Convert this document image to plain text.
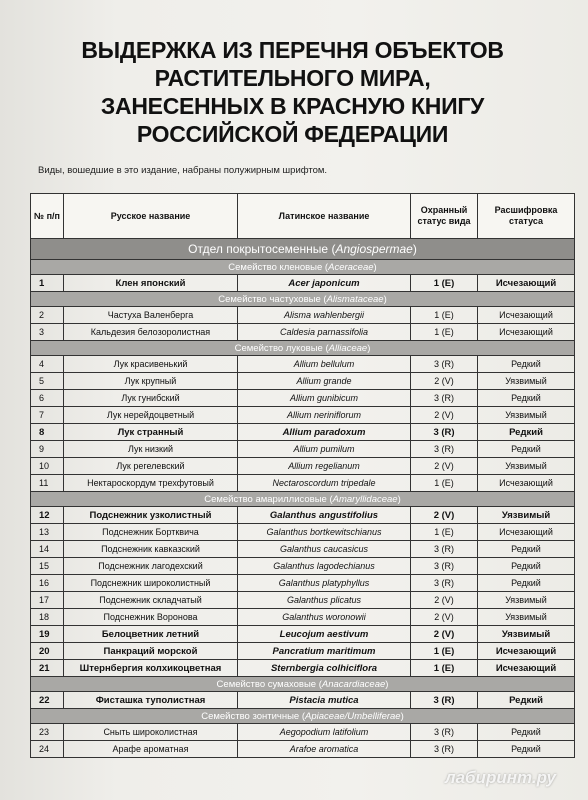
ВЫДЕРЖКА ИЗ ПЕРЕЧНЯ ОБЪЕКТОВ
РАСТИТЕЛЬНОГО МИРА,
ЗАНЕСЕННЫХ В КРАСНУЮ КНИГУ
РОССИЙСКОЙ ФЕДЕРАЦИИ
Виды, вошедшие в это издание, набраны полужирным шрифтом.
№ п/п	Русское название	Латинское название	Охранный статус вида	Расшифровка статуса
Отдел покрытосеменные (Angiospermae)				
Семейство кленовые (Aceraceae)				
1	Клен японский	Acer japonicum	1 (E)	Исчезающий
Семейство частуховые (Alismataceae)				
2	Частуха Валенберга	Alisma wahlenbergii	1 (E)	Исчезающий
3	Кальдезия белозоролистная	Caldesia parnassifolia	1 (E)	Исчезающий
Семейство луковые (Alliaceae)				
4	Лук красивенький	Allium bellulum	3 (R)	Редкий
5	Лук крупный	Allium grande	2 (V)	Уязвимый
6	Лук гунибский	Allium gunibicum	3 (R)	Редкий
7	Лук нерейдоцветный	Allium neriniflorum	2 (V)	Уязвимый
8	Лук странный	Allium paradoxum	3 (R)	Редкий
9	Лук низкий	Allium pumilum	3 (R)	Редкий
10	Лук регелевский	Allium regelianum	2 (V)	Уязвимый
11	Нектароскордум трехфутовый	Nectaroscordum tripedale	1 (E)	Исчезающий
Семейство амариллисовые (Amaryllidaceae)				
12	Подснежник узколистный	Galanthus angustifolius	2 (V)	Уязвимый
13	Подснежник Бортквича	Galanthus bortkewitschianus	1 (E)	Исчезающий
14	Подснежник кавказский	Galanthus caucasicus	3 (R)	Редкий
15	Подснежник лагодехский	Galanthus lagodechianus	3 (R)	Редкий
16	Подснежник широколистный	Galanthus platyphyllus	3 (R)	Редкий
17	Подснежник складчатый	Galanthus plicatus	2 (V)	Уязвимый
18	Подснежник Воронова	Galanthus woronowii	2 (V)	Уязвимый
19	Белоцветник летний	Leucojum aestivum	2 (V)	Уязвимый
20	Панкраций морской	Pancratium maritimum	1 (E)	Исчезающий
21	Штернбергия колхикоцветная	Sternbergia colhiciflora	1 (E)	Исчезающий
Семейство сумаховые (Anacardiaceae)				
22	Фисташка туполистная	Pistacia mutica	3 (R)	Редкий
Семейство зонтичные (Apiaceae/Umbelliferae)				
23	Сныть широколистная	Aegopodium latifolium	3 (R)	Редкий
24	Арафе ароматная	Arafoe aromatica	3 (R)	Редкий
лабиринт.ру
